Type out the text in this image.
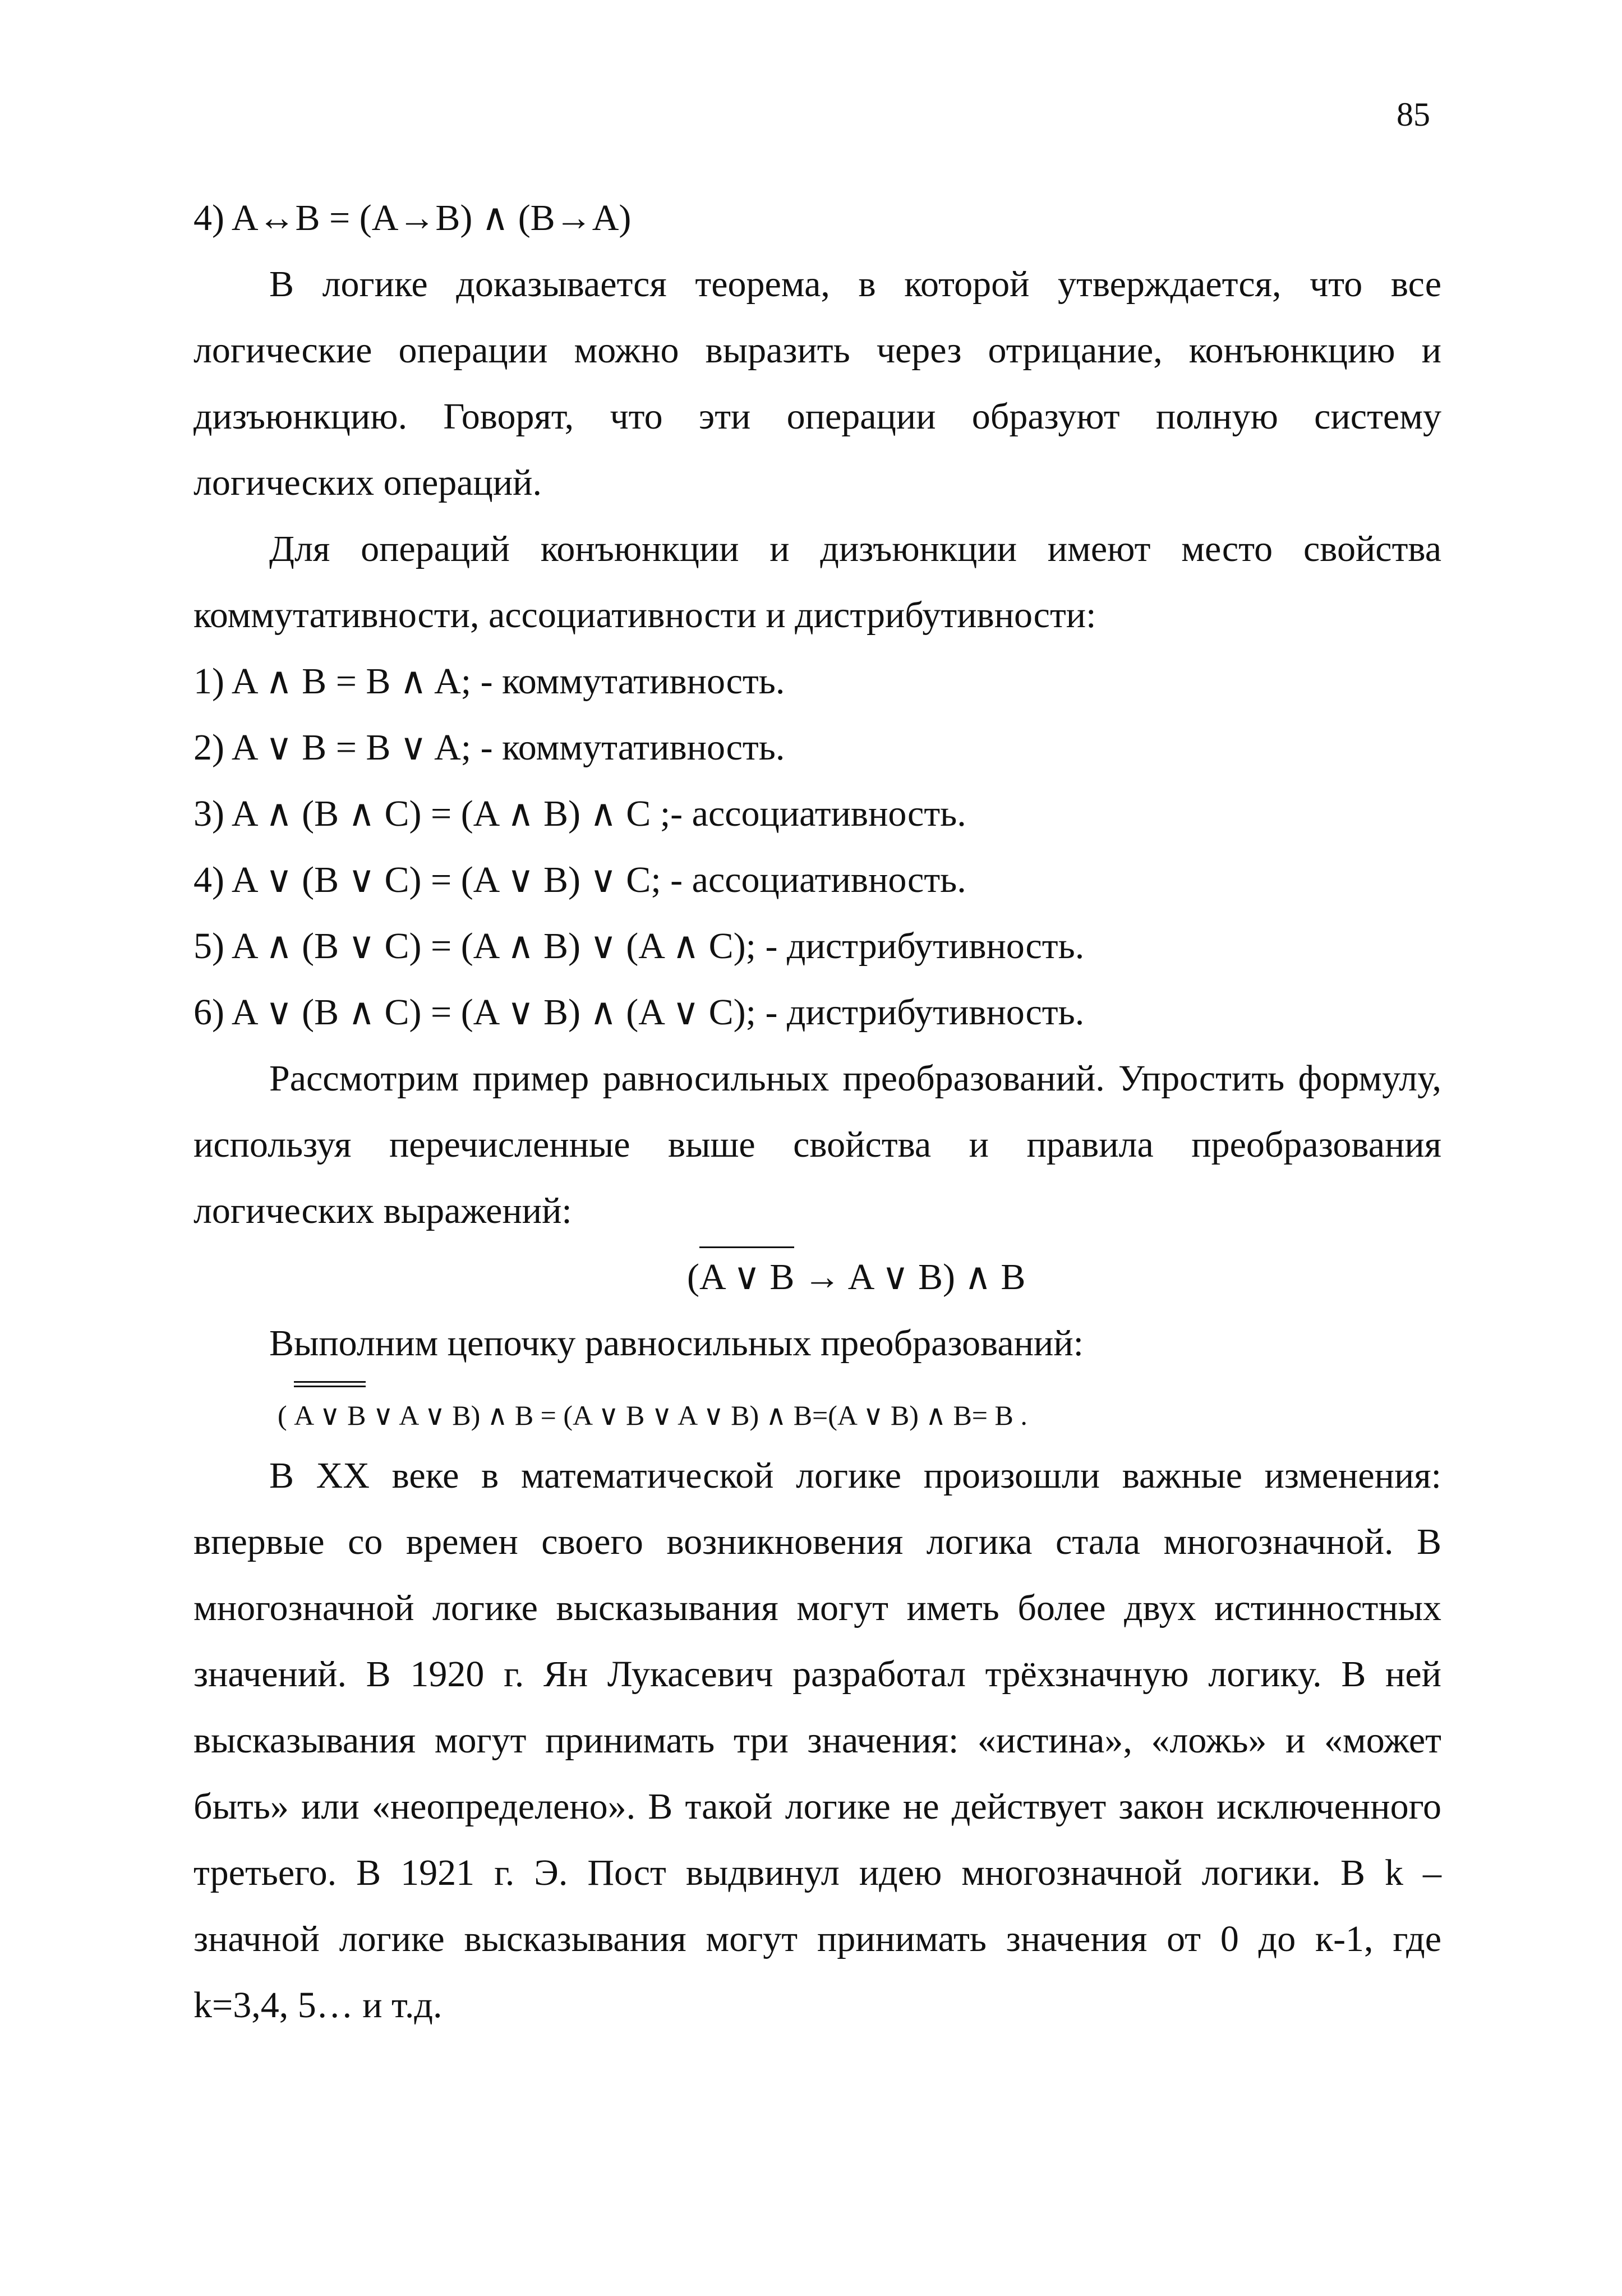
85
4) A↔B = (A→B) ∧ (B→A)

В логике доказывается теорема, в которой утверждается, что все логические операции можно выразить через отрицание, конъюнкцию и дизъюнкцию. Говорят, что эти операции образуют полную систему логических операций.

Для операций конъюнкции и дизъюнкции имеют место свойства коммутативности, ассоциативности и дистрибутивности:

1) A ∧ B = B ∧ A; - коммутативность.
2) A ∨ B = B ∨ A; - коммутативность.
3) A ∧ (B ∧ C) = (A ∧ B) ∧ C ;- ассоциативность.
4) A ∨ (B ∨ C) = (A ∨ B) ∨ C; - ассоциативность.
5) A ∧ (B ∨ C) = (A ∧ B) ∨ (A ∧ C); - дистрибутивность.
6) A ∨ (B ∧ C) = (A ∨ B) ∧ (A ∨ C); - дистрибутивность.

Рассмотрим пример равносильных преобразований. Упростить формулу, используя перечисленные выше свойства и правила преобразования логических выражений:

(A ∨ B → A ∨ B) ∧ B

Выполним цепочку равносильных преобразований:

( A ∨ B ∨ A ∨ B) ∧ B = (A ∨ B ∨ A ∨ B) ∧ B=(A ∨ B) ∧ B= B .

В XX веке в математической логике произошли важные изменения: впервые со времен своего возникновения логика стала многозначной. В многозначной логике высказывания могут иметь более двух истинностных значений. В 1920 г. Ян Лукасевич разработал трёхзначную логику. В ней высказывания могут принимать три значения: «истина», «ложь» и «может быть» или «неопределено». В такой логике не действует закон исключенного третьего. В 1921 г. Э. Пост выдвинул идею многозначной логики. В k – значной логике высказывания могут принимать значения от 0 до к-1, где k=3,4, 5… и т.д.
